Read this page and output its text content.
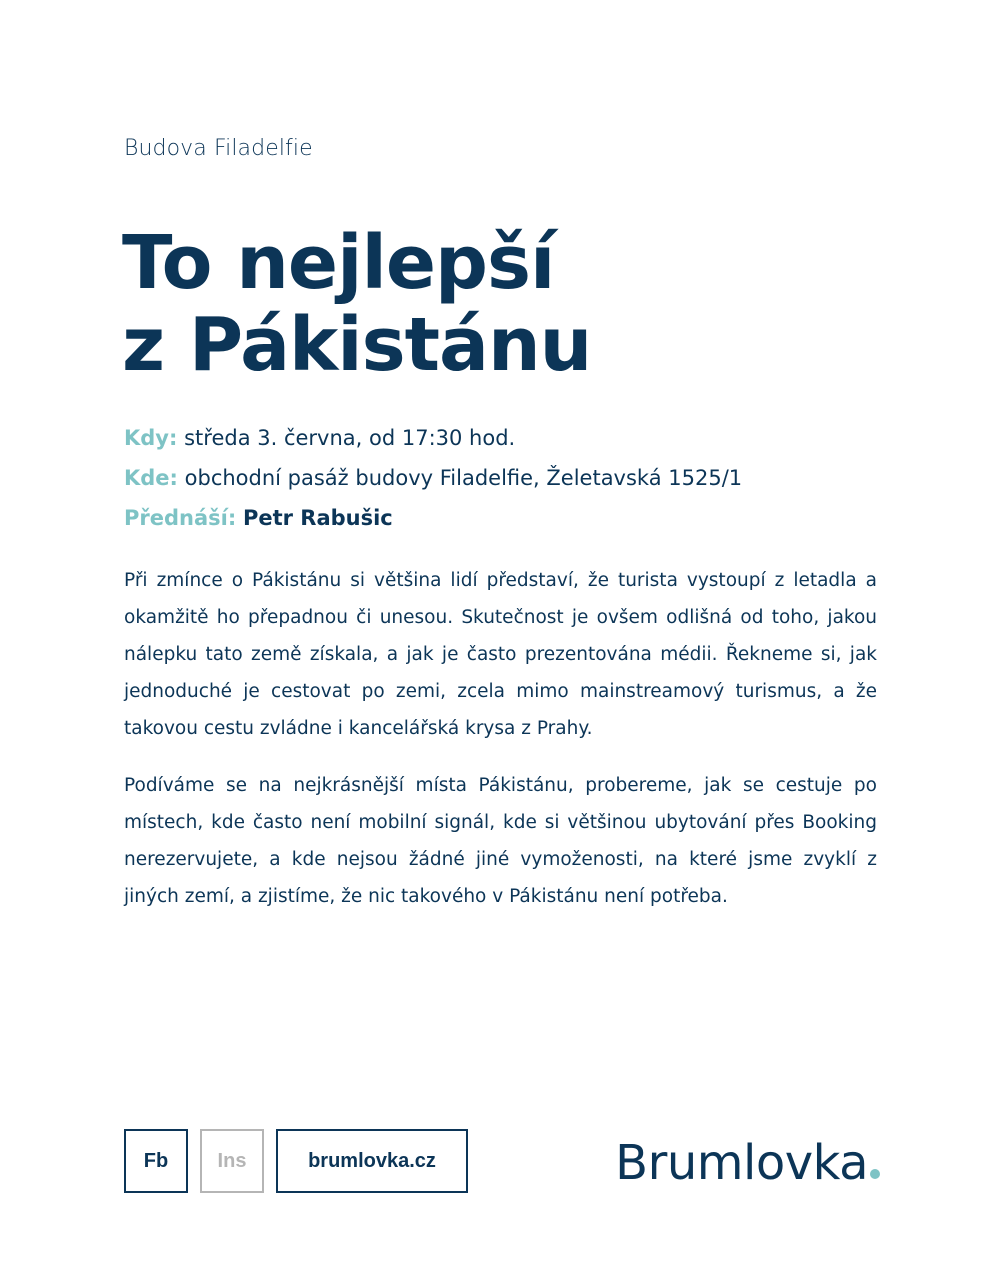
Budova Filadelfie
To nejlepší
z Pákistánu
Kdy: středa 3. června, od 17:30 hod.
Kde: obchodní pasáž budovy Filadelfie, Želetavská 1525/1
Přednáší: Petr Rabušic

Při zmínce o Pákistánu si většina lidí představí, že turista vystoupí z letadla a okamžitě ho přepadnou či unesou. Skutečnost je ovšem odlišná od toho, jakou nálepku tato země získala, a jak je často prezentována médii. Řekneme si, jak jednoduché je cestovat po zemi, zcela mimo mainstreamový turismus, a že takovou cestu zvládne i kancelářská krysa z Prahy.

Podíváme se na nejkrásnější místa Pákistánu, probereme, jak se cestuje po místech, kde často není mobilní signál, kde si většinou ubytování přes Booking nerezervujete, a kde nejsou žádné jiné vymoženosti, na které jsme zvyklí z jiných zemí, a zjistíme, že nic takového v Pákistánu není potřeba.

Fb Ins	brumlovka.cz	Brumlovka
